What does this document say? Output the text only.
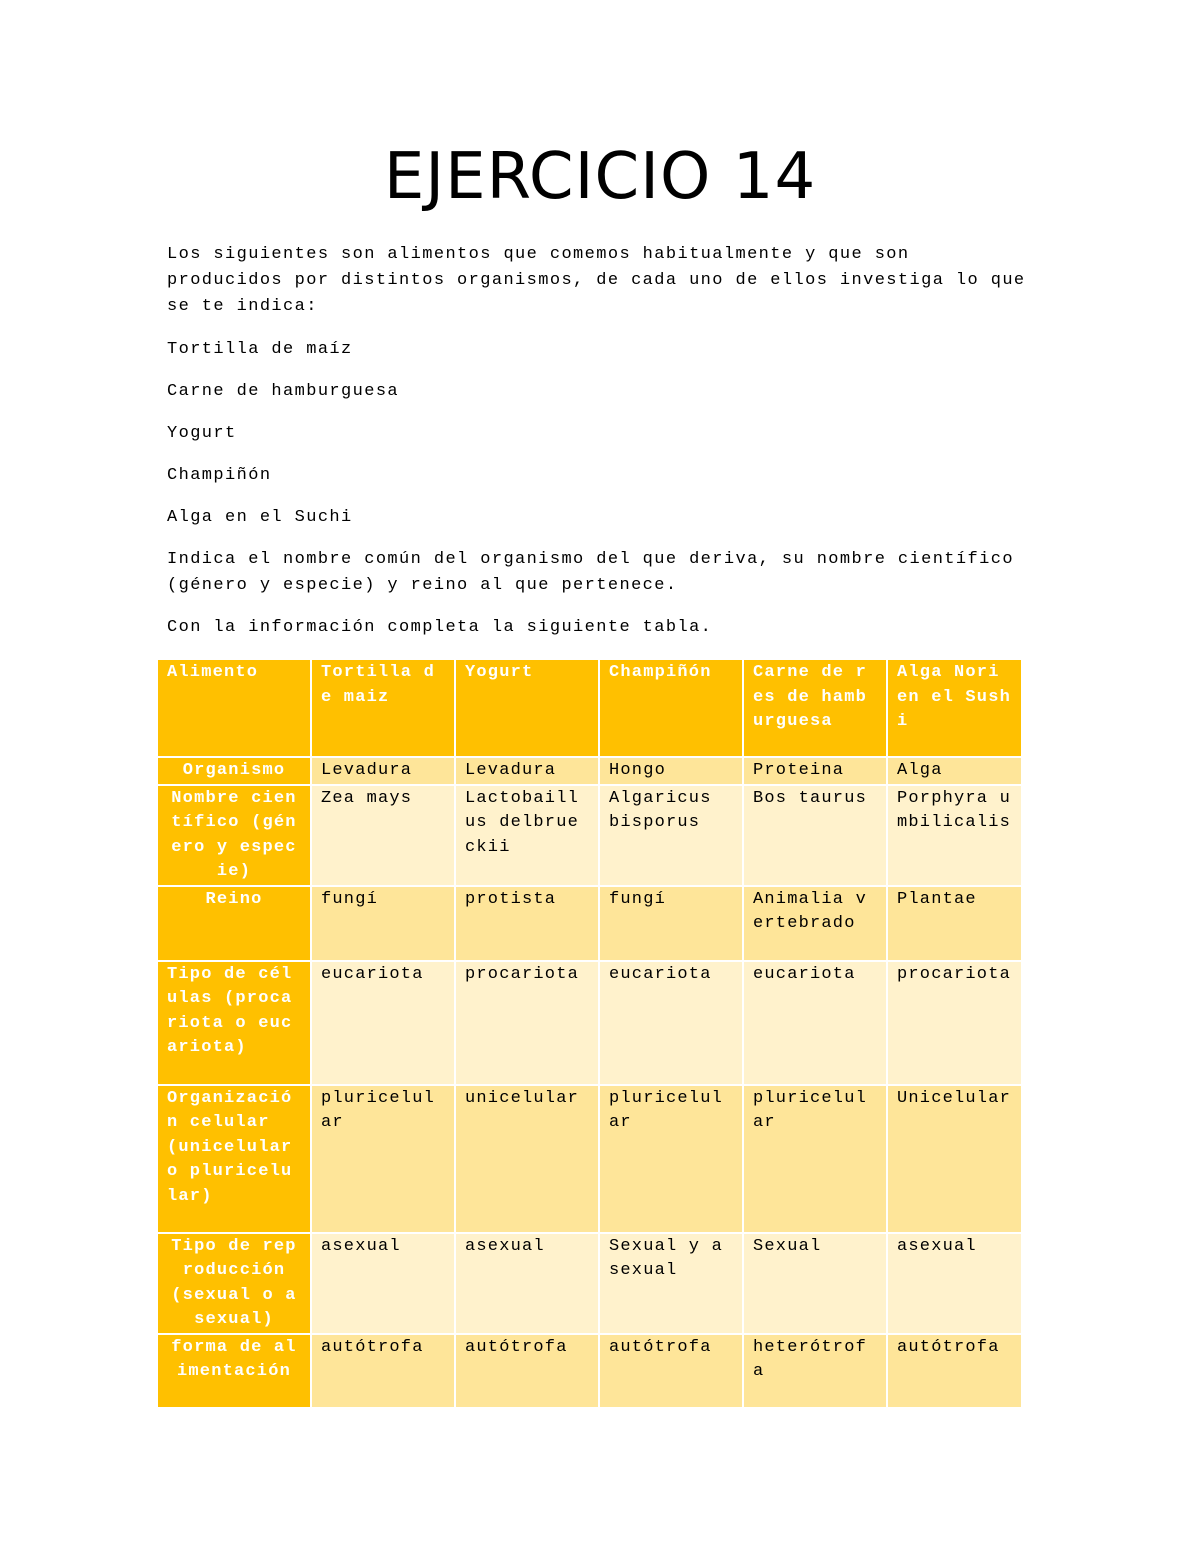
EJERCICIO 14

Los siguientes son alimentos que comemos habitualmente y que son producidos por distintos organismos, de cada uno de ellos investiga lo que se te indica:

Tortilla de maíz

Carne de hamburguesa

Yogurt

Champiñón

Alga en el Suchi

Indica el nombre común del organismo del que deriva, su nombre científico (género y especie) y reino al que pertenece.

Con la información completa la siguiente tabla.

Alimento	Tortilla de maiz	Yogurt	Champiñón	Carne de res de hamburguesa	Alga Nori en el Sushi
Organismo	Levadura	Levadura	Hongo	Proteina	Alga
Nombre científico (género y especie)	Zea mays	Lactobaillus delbrueckii	Algaricus bisporus	Bos taurus	Porphyra umbilicalis
Reino	fungí	protista	fungí	Animalia vertebrado	Plantae
Tipo de células (procariota o eucariota)	eucariota	procariota	eucariota	eucariota	procariota
Organización celular (unicelular o pluricelular)	pluricelular	unicelular	pluricelular	pluricelular	Unicelular
Tipo de reproducción (sexual o asexual)	asexual	asexual	Sexual y asexual	Sexual	asexual
forma de alimentación	autótrofa	autótrofa	autótrofa	heterótrofa	autótrofa
